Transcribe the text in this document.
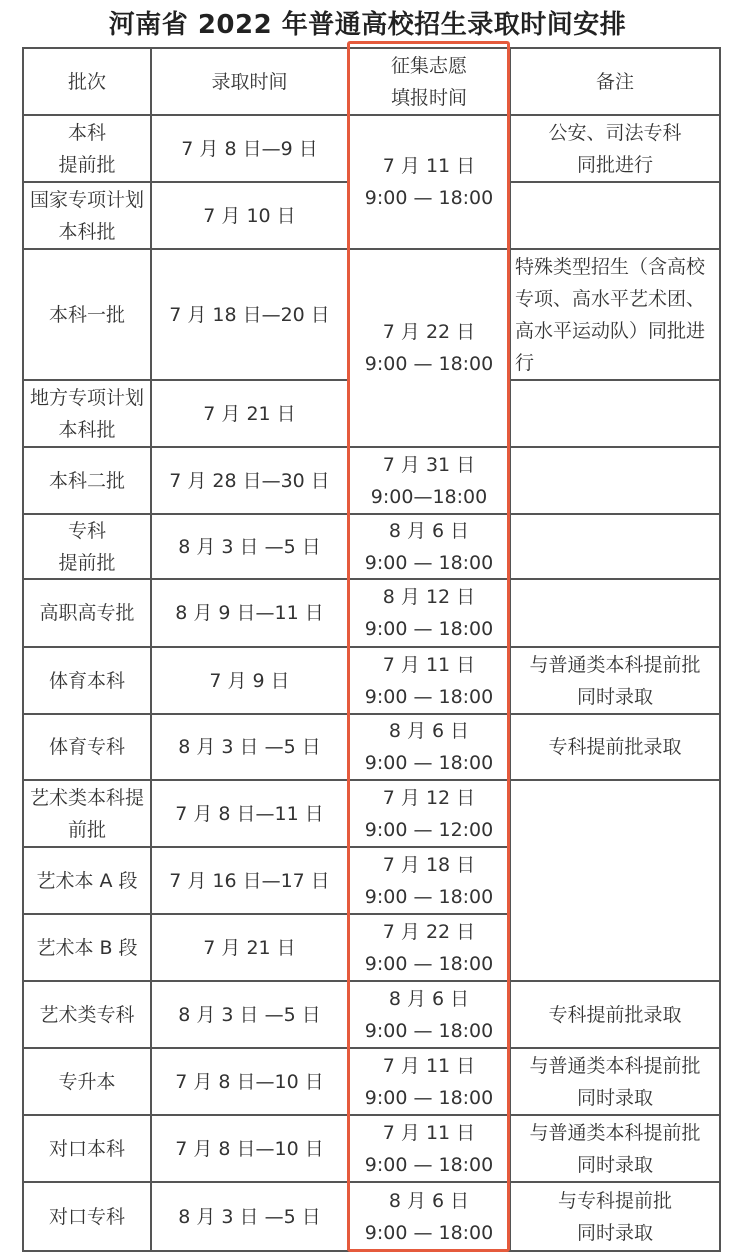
河南省 2022 年普通高校招生录取时间安排
批次	录取时间
征集志愿
填报时间
备注
本科
提前批
国家专项计划
本科批
本科一批
地方专项计划
本科批
本科二批
专科
提前批
高职高专批
体育本科
体育专科
艺术类本科提
前批
艺术本 A 段
艺术本 B 段
艺术类专科
专升本
对口本科
对口专科
7 月 8 日—9 日
7 月 10 日
7 月 18 日—20 日
7 月 21 日
7 月 28 日—30 日
8 月 3 日 —5 日
8 月 9 日—11 日
7 月 9 日
8 月 3 日 —5 日
7 月 8 日—11 日
7 月 16 日—17 日
7 月 21 日
8 月 3 日 —5 日
7 月 8 日—10 日
7 月 8 日—10 日
8 月 3 日 —5 日
7 月 11 日
9:00 — 18:00
7 月 22 日
9:00 — 18:00
7 月 31 日
9:00—18:00
8 月 6 日
9:00 — 18:00
8 月 12 日
9:00 — 18:00
7 月 11 日
9:00 — 18:00
8 月 6 日
9:00 — 18:00
7 月 12 日
9:00 — 12:00
7 月 18 日
9:00 — 18:00
7 月 22 日
9:00 — 18:00
8 月 6 日
9:00 — 18:00
7 月 11 日
9:00 — 18:00
7 月 11 日
9:00 — 18:00
8 月 6 日
9:00 — 18:00
公安、司法专科
同批进行
特殊类型招生（含高校
专项、高水平艺术团、
高水平运动队）同批进
行
与普通类本科提前批
同时录取
专科提前批录取
专科提前批录取
与普通类本科提前批
同时录取
与普通类本科提前批
同时录取
与专科提前批
同时录取
